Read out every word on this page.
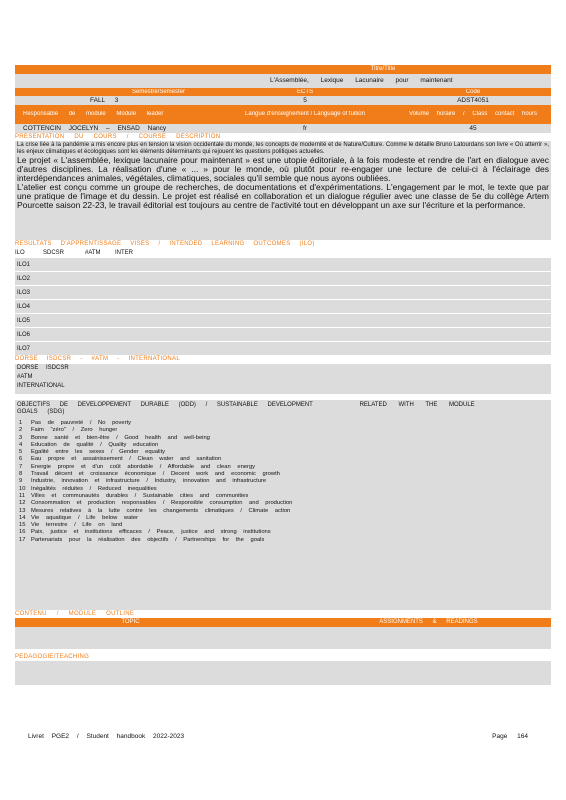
Titre/Title
L'Assemblée, Lexique Lacunaire pour maintenant
Semestre/Semester	ECTS	Code
FALL 3	5	ADST4051
Responsable de module Module leader	Langue d'enseignement / Language of tuition	Volume horaire / Class contact hours
COTTENCIN JOCELYN – ENSAD Nancy	fr	45
PRESENTATION DU COURS / COURSE DESCRIPTION
La crise liée à la pandémie a mis encore plus en tension la vision occidentale du monde, les concepts de modernité et de Nature/Culture. Comme le détaille Bruno Latourdans son livre « Où atterrir », les enjeux climatiques et écologiques sont les éléments déterminants qui rejouent les questions politiques actuelles.
Le projet « L'assemblée, lexique lacunaire pour maintenant » est une utopie éditoriale, à la fois modeste et rendre de l'art en dialogue avec d'autres disciplines. La réalisation d'une « ... » pour le monde, où plutôt pour re-engager une lecture de celui-ci à l'éclairage des interdépendances animales, végétales, climatiques, sociales qu'il semble que nous ayons oubliées.
L'atelier est conçu comme un groupe de recherches, de documentations et d'expérimentations. L'engagement par le mot, le texte que par une pratique de l'image et du dessin. Le projet est réalisé en collaboration et un dialogue régulier avec une classe de 5e du collège Artem Pourcette saison 22-23, le travail éditorial est toujours au centre de l'activité tout en développant un axe sur l'écriture et la performance.
RESULTATS D'APPRENTISSAGE VISES / INTENDED LEARNING OUTCOMES (ILO)
ILO	SDCSR	#ATM	INTER
ILO1
ILO2
ILO3
ILO4
ILO5
ILO6
ILO7
DORSE ISDCSR - #ATM - INTERNATIONAL
DORSE ISDCSR
#ATM
INTERNATIONAL
OBJECTIFS DE DEVELOPPEMENT DURABLE (ODD) / SUSTAINABLE DEVELOPMENT GOALS (SDG)
RELATED WITH THE MODULE
1	Pas de pauvreté / No poverty
2	Faim "zéro" / Zero hunger
3	Bonne santé et bien-être / Good health and well-being
4	Éducation de qualité / Quality education
5	Égalité entre les sexes / Gender equality
6	Eau propre et assainissement / Clean water and sanitation
7	Énergie propre et d'un coût abordable / Affordable and clean energy
8	Travail décent et croissance économique / Decent work and economic growth
9	Industrie, innovation et infrastructure / Industry, innovation and infrastructure
10 Inégalités réduites / Reduced inequalities
11	Villes et communautés durables / Sustainable cities and communities
12 Consommation et production responsables / Responsible consumption and production
13 Mesures relatives à la lutte contre les changements climatiques / Climate action
14 Vie aquatique / Life below water
15 Vie terrestre / Life on land
16 Paix, justice et institutions efficaces / Peace, justice and strong institutions
17 Partenariats pour la réalisation des objectifs / Partnerships for the goals
CONTENU / MODULE OUTLINE
TOPIC	ASSIGNMENTS & READINGS
PEDAGOGIE/TEACHING
Livret PGE2 / Student handbook 2022-2023	Page 164
